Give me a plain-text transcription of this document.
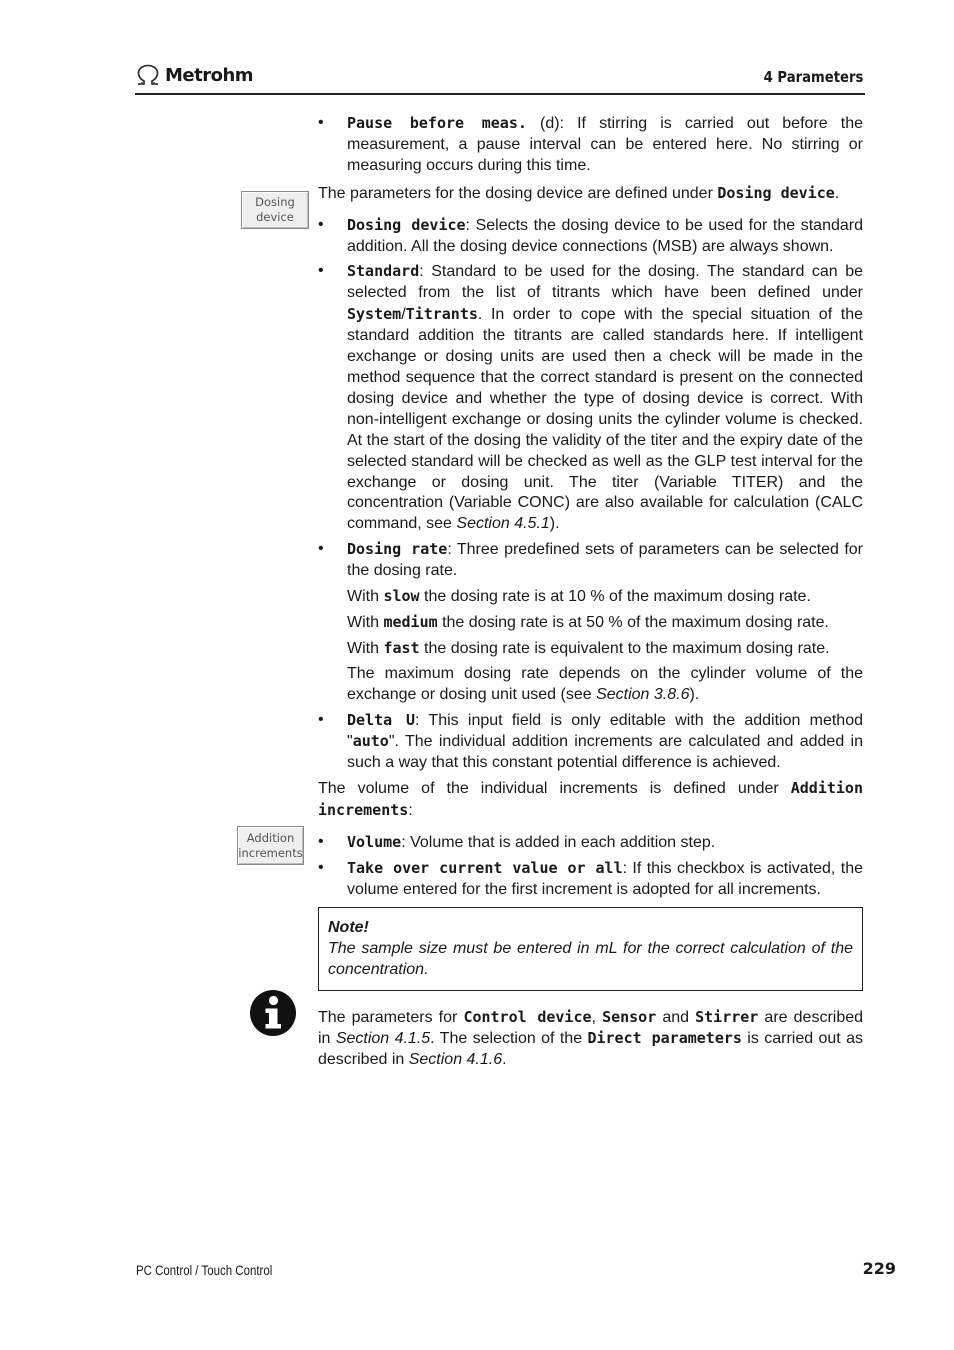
Metrohm	4 Parameters
Dosing
device
Addition
increments
• Pause before meas. (d): If stirring is carried out before the measurement, a pause interval can be entered here. No stirring or measuring occurs during this time.

The parameters for the dosing device are defined under Dosing device.

• Dosing device: Selects the dosing device to be used for the standard addition. All the dosing device connections (MSB) are always shown.
• Standard: Standard to be used for the dosing. The standard can be selected from the list of titrants which have been defined under System/Titrants. In order to cope with the special situation of the standard addition the titrants are called standards here. If intelligent exchange or dosing units are used then a check will be made in the method sequence that the correct standard is present on the connected dosing device and whether the type of dosing device is correct. With non-intelligent exchange or dosing units the cylinder volume is checked. At the start of the dosing the validity of the titer and the expiry date of the selected standard will be checked as well as the GLP test interval for the exchange or dosing unit. The titer (Variable TITER) and the concentration (Variable CONC) are also available for calculation (CALC command, see Section 4.5.1).
• Dosing rate: Three predefined sets of parameters can be selected for the dosing rate.
With slow the dosing rate is at 10 % of the maximum dosing rate.
With medium the dosing rate is at 50 % of the maximum dosing rate.
With fast the dosing rate is equivalent to the maximum dosing rate.
The maximum dosing rate depends on the cylinder volume of the exchange or dosing unit used (see Section 3.8.6).
• Delta U: This input field is only editable with the addition method "auto". The individual addition increments are calculated and added in such a way that this constant potential difference is achieved.

The volume of the individual increments is defined under Addition increments:

• Volume: Volume that is added in each addition step.
• Take over current value or all: If this checkbox is activated, the volume entered for the first increment is adopted for all increments.
Note!
The sample size must be entered in mL for the correct calculation of the concentration.

The parameters for Control device, Sensor and Stirrer are described in Section 4.1.5. The selection of the Direct parameters is carried out as described in Section 4.1.6.

PC Control / Touch Control	229
